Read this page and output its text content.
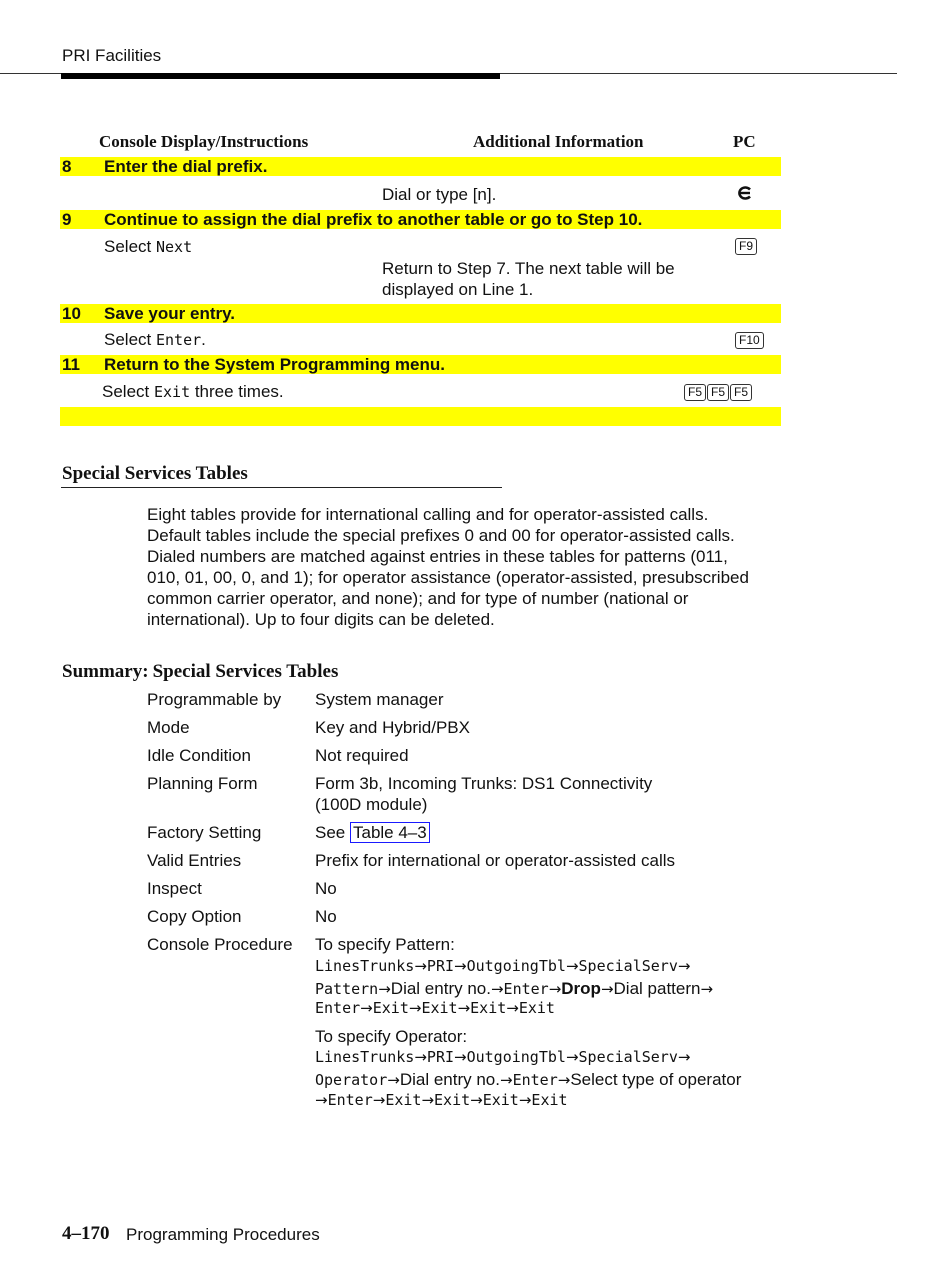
PRI Facilities
Console Display/Instructions	Additional Information	PC
8 Enter the dial prefix.
Dial or type [n].
9 Continue to assign the dial prefix to another table or go to Step 10.
Select Next	F9
Return to Step 7. The next table will be
displayed on Line 1.
10 Save your entry.
Select Enter.	F10
11 Return to the System Programming menu.
Select Exit three times.	F5 F5 F5
Special Services Tables
Eight tables provide for international calling and for operator-assisted calls.
Default tables include the special prefixes 0 and 00 for operator-assisted calls.
Dialed numbers are matched against entries in these tables for patterns (011,
010, 01, 00, 0, and 1); for operator assistance (operator-assisted, presubscribed
common carrier operator, and none); and for type of number (national or
international). Up to four digits can be deleted.
Summary: Special Services Tables
Programmable by System manager
Mode	Key and Hybrid/PBX
Idle Condition	Not required
Planning Form	Form 3b, Incoming Trunks: DS1 Connectivity
(100D module)
Factory Setting	See Table 4–3
Valid Entries	Prefix for international or operator-assisted calls
Inspect	No
Copy Option	No
Console Procedure To specify Pattern:
LinesTrunks→PRI→OutgoingTbl→SpecialServ→
Pattern→Dial entry no.→Enter→Drop→Dial pattern→
Enter→Exit→Exit→Exit→Exit
To specify Operator:
LinesTrunks→PRI→OutgoingTbl→SpecialServ→
Operator→Dial entry no.→Enter→Select type of operator
→Enter→Exit→Exit→Exit→Exit
4–170 Programming Procedures
